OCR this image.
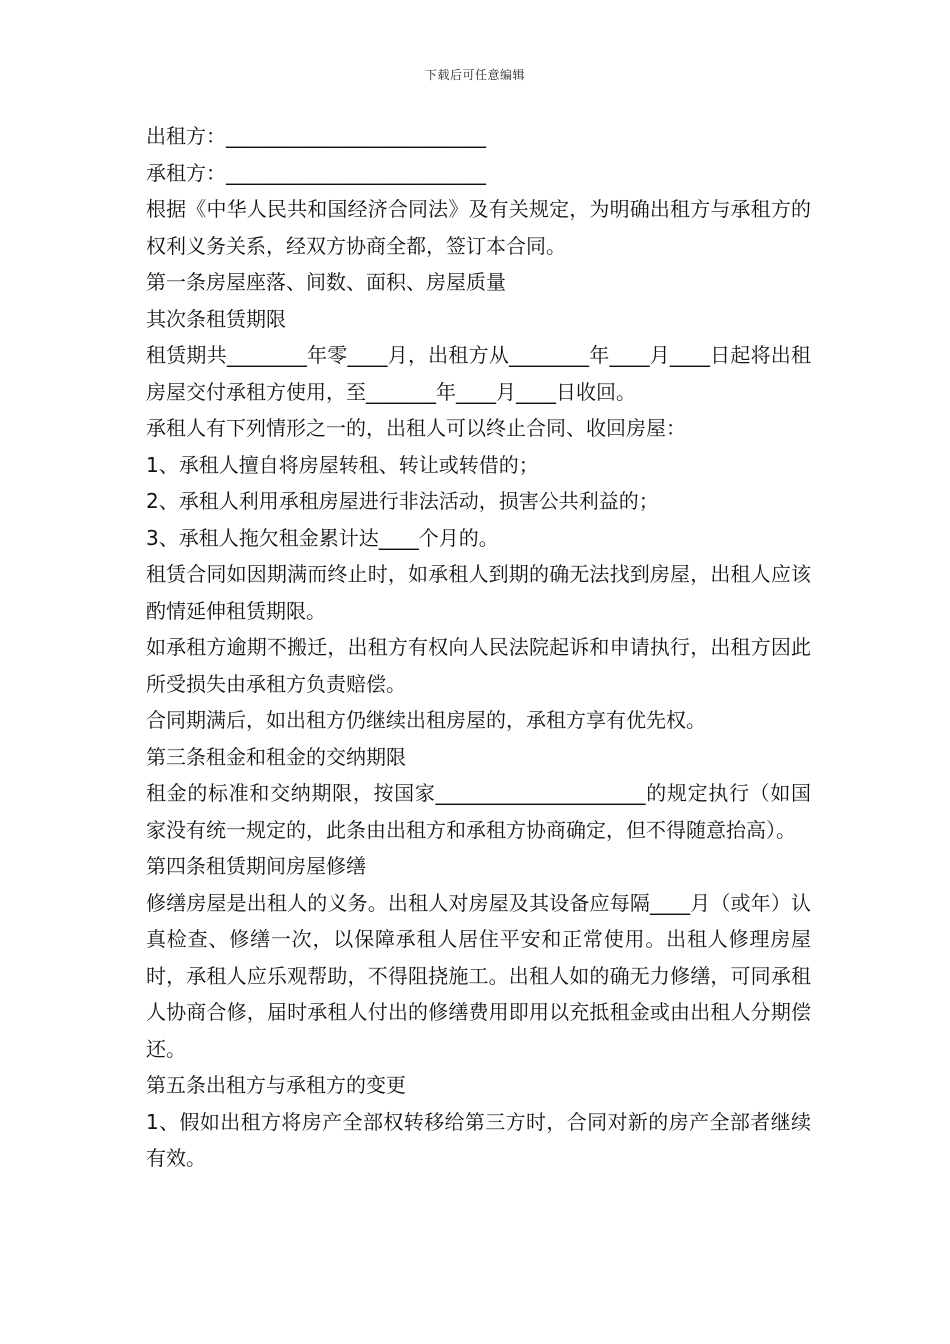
下载后可任意编辑

出租方：__________________________

承租方：__________________________

根据《中华人民共和国经济合同法》及有关规定，为明确出租方与承租方的权利义务关系，经双方协商全都，签订本合同。

第一条房屋座落、间数、面积、房屋质量

其次条租赁期限

租赁期共________年零____月，出租方从________年____月____日起将出租房屋交付承租方使用，至_______年____月____日收回。

承租人有下列情形之一的，出租人可以终止合同、收回房屋：

1、承租人擅自将房屋转租、转让或转借的；

2、承租人利用承租房屋进行非法活动，损害公共利益的；

3、承租人拖欠租金累计达____个月的。

租赁合同如因期满而终止时，如承租人到期的确无法找到房屋，出租人应该酌情延伸租赁期限。

如承租方逾期不搬迁，出租方有权向人民法院起诉和申请执行，出租方因此所受损失由承租方负责赔偿。

合同期满后，如出租方仍继续出租房屋的，承租方享有优先权。

第三条租金和租金的交纳期限

租金的标准和交纳期限，按国家_____________________的规定执行（如国家没有统一规定的，此条由出租方和承租方协商确定，但不得随意抬高）。

第四条租赁期间房屋修缮

修缮房屋是出租人的义务。出租人对房屋及其设备应每隔____月（或年）认真检查、修缮一次，以保障承租人居住平安和正常使用。出租人修理房屋时，承租人应乐观帮助，不得阻挠施工。出租人如的确无力修缮，可同承租人协商合修，届时承租人付出的修缮费用即用以充抵租金或由出租人分期偿还。

第五条出租方与承租方的变更

1、假如出租方将房产全部权转移给第三方时，合同对新的房产全部者继续有效。
